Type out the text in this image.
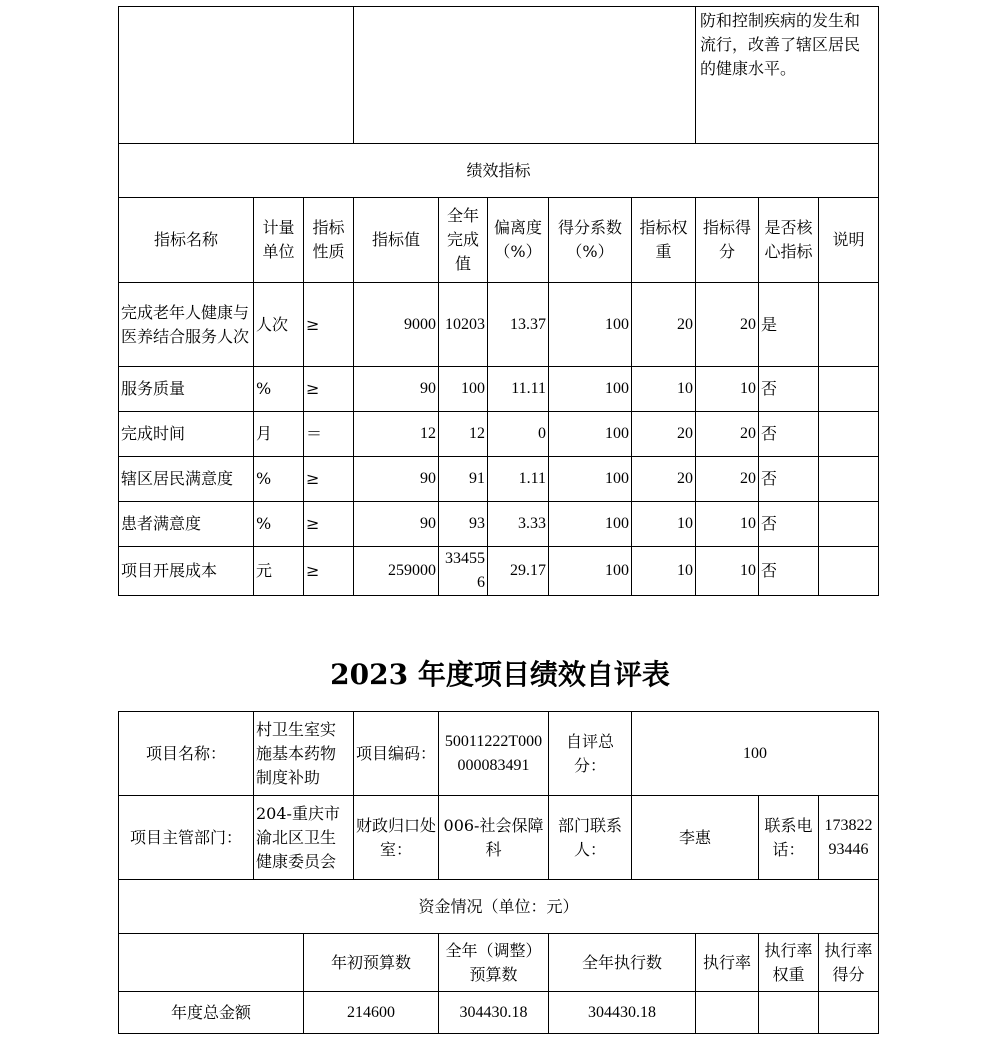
								防和控制疾病的发生和流行，改善了辖区居民的健康水平。		
绩效指标										
指标名称	计量单位	指标性质	指标值	全年完成值	偏离度（%）	得分系数（%）	指标权重	指标得分	是否核心指标	说明
完成老年人健康与医养结合服务人次	人次	≥	9000	10203	13.37	100	20	20	是	
服务质量	%	≥	90	100	11.11	100	10	10	否	
完成时间	月	＝	12	12	0	100	20	20	否	
辖区居民满意度	%	≥	90	91	1.11	100	20	20	否	
患者满意度	%	≥	90	93	3.33	100	10	10	否	
项目开展成本	元	≥	259000	334556	29.17	100	10	10	否	
2023 年度项目绩效自评表
项目名称：	村卫生室实施基本药物制度补助		项目编码：	50011222T000000083491	自评总分：	100			
项目主管部门：	204-重庆市渝北区卫生健康委员会		财政归口处室：	006-社会保障科	部门联系人：	李惠		联系电话：	17382293446
资金情况（单位：元）									
		年初预算数		全年（调整）预算数	全年执行数		执行率	执行率权重	执行率得分
年度总金额		214600		304430.18	304430.18				
